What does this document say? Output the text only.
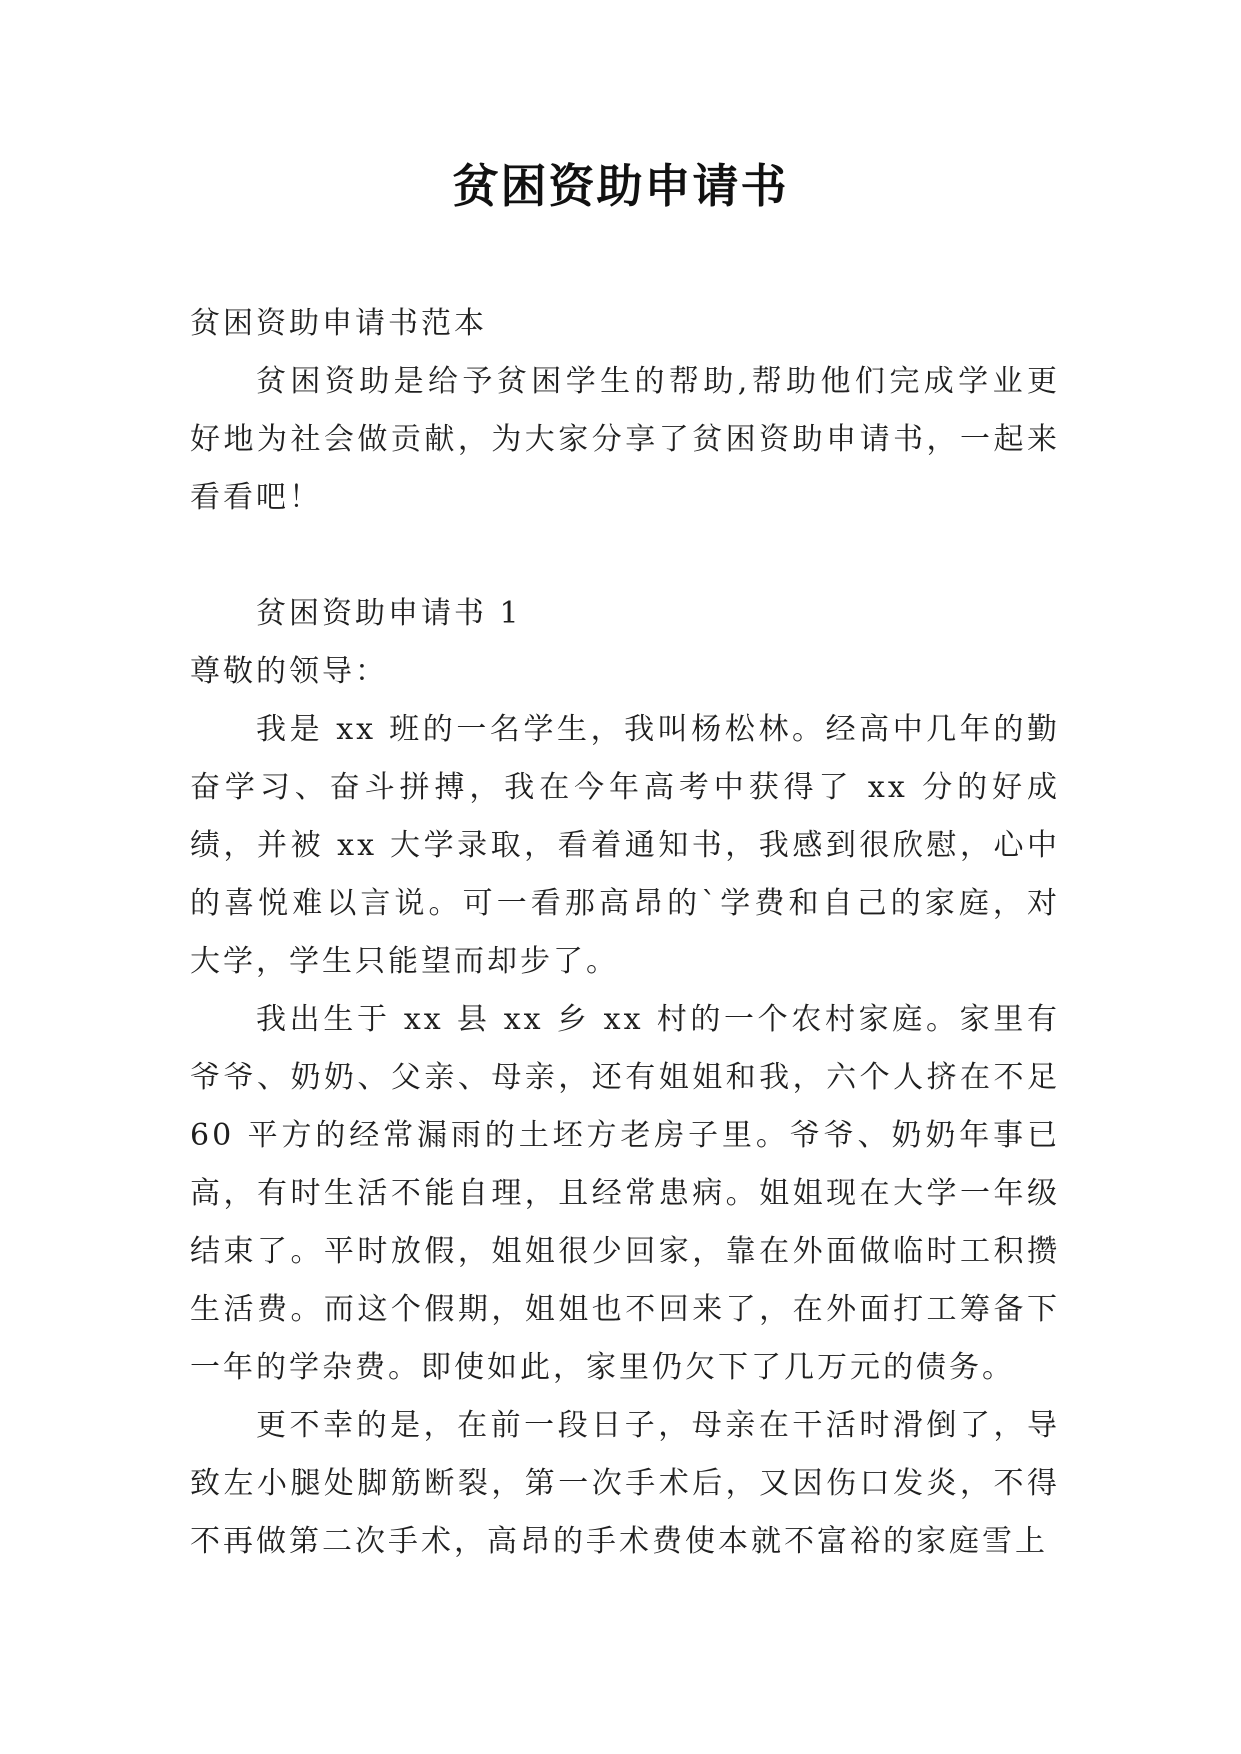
贫困资助申请书

贫困资助申请书范本

贫困资助是给予贫困学生的帮助,帮助他们完成学业更好地为社会做贡献，为大家分享了贫困资助申请书，一起来看看吧！

贫困资助申请书 1

尊敬的领导：

我是 xx 班的一名学生，我叫杨松林。经高中几年的勤奋学习、奋斗拼搏，我在今年高考中获得了 xx 分的好成绩，并被 xx 大学录取，看着通知书，我感到很欣慰，心中的喜悦难以言说。可一看那高昂的`学费和自己的家庭，对大学，学生只能望而却步了。

我出生于 xx 县 xx 乡 xx 村的一个农村家庭。家里有爷爷、奶奶、父亲、母亲，还有姐姐和我，六个人挤在不足60 平方的经常漏雨的土坯方老房子里。爷爷、奶奶年事已高，有时生活不能自理，且经常患病。姐姐现在大学一年级结束了。平时放假，姐姐很少回家，靠在外面做临时工积攒生活费。而这个假期，姐姐也不回来了，在外面打工筹备下一年的学杂费。即使如此，家里仍欠下了几万元的债务。

更不幸的是，在前一段日子，母亲在干活时滑倒了，导致左小腿处脚筋断裂，第一次手术后，又因伤口发炎，不得不再做第二次手术，高昂的手术费使本就不富裕的家庭雪上
